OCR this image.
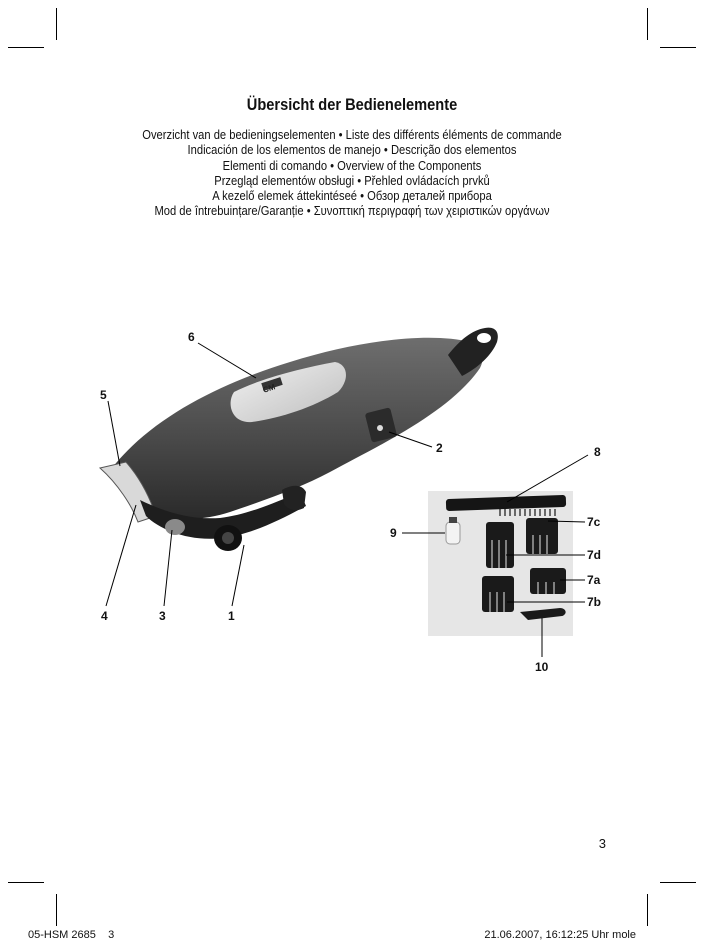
Übersicht der Bedienelemente
Overzicht van de bedieningselementen • Liste des différents éléments de commande
Indicación de los elementos de manejo • Descrição dos elementos
Elementi di comando • Overview of the Components
Przegląd elementów obsługi • Přehled ovládacích prvků
A kezelő elemek áttekintéseé • Обзор деталей прибора
Mod de întrebuințare/Garanție • Συνοπτική περιγραφή των χειριστικών οργάνων
CM
6
5
2	8
9
7c
7d
7a
7b
4	3	1
10
3
05-HSM 2685    3	21.06.2007, 16:12:25 Uhr mole
